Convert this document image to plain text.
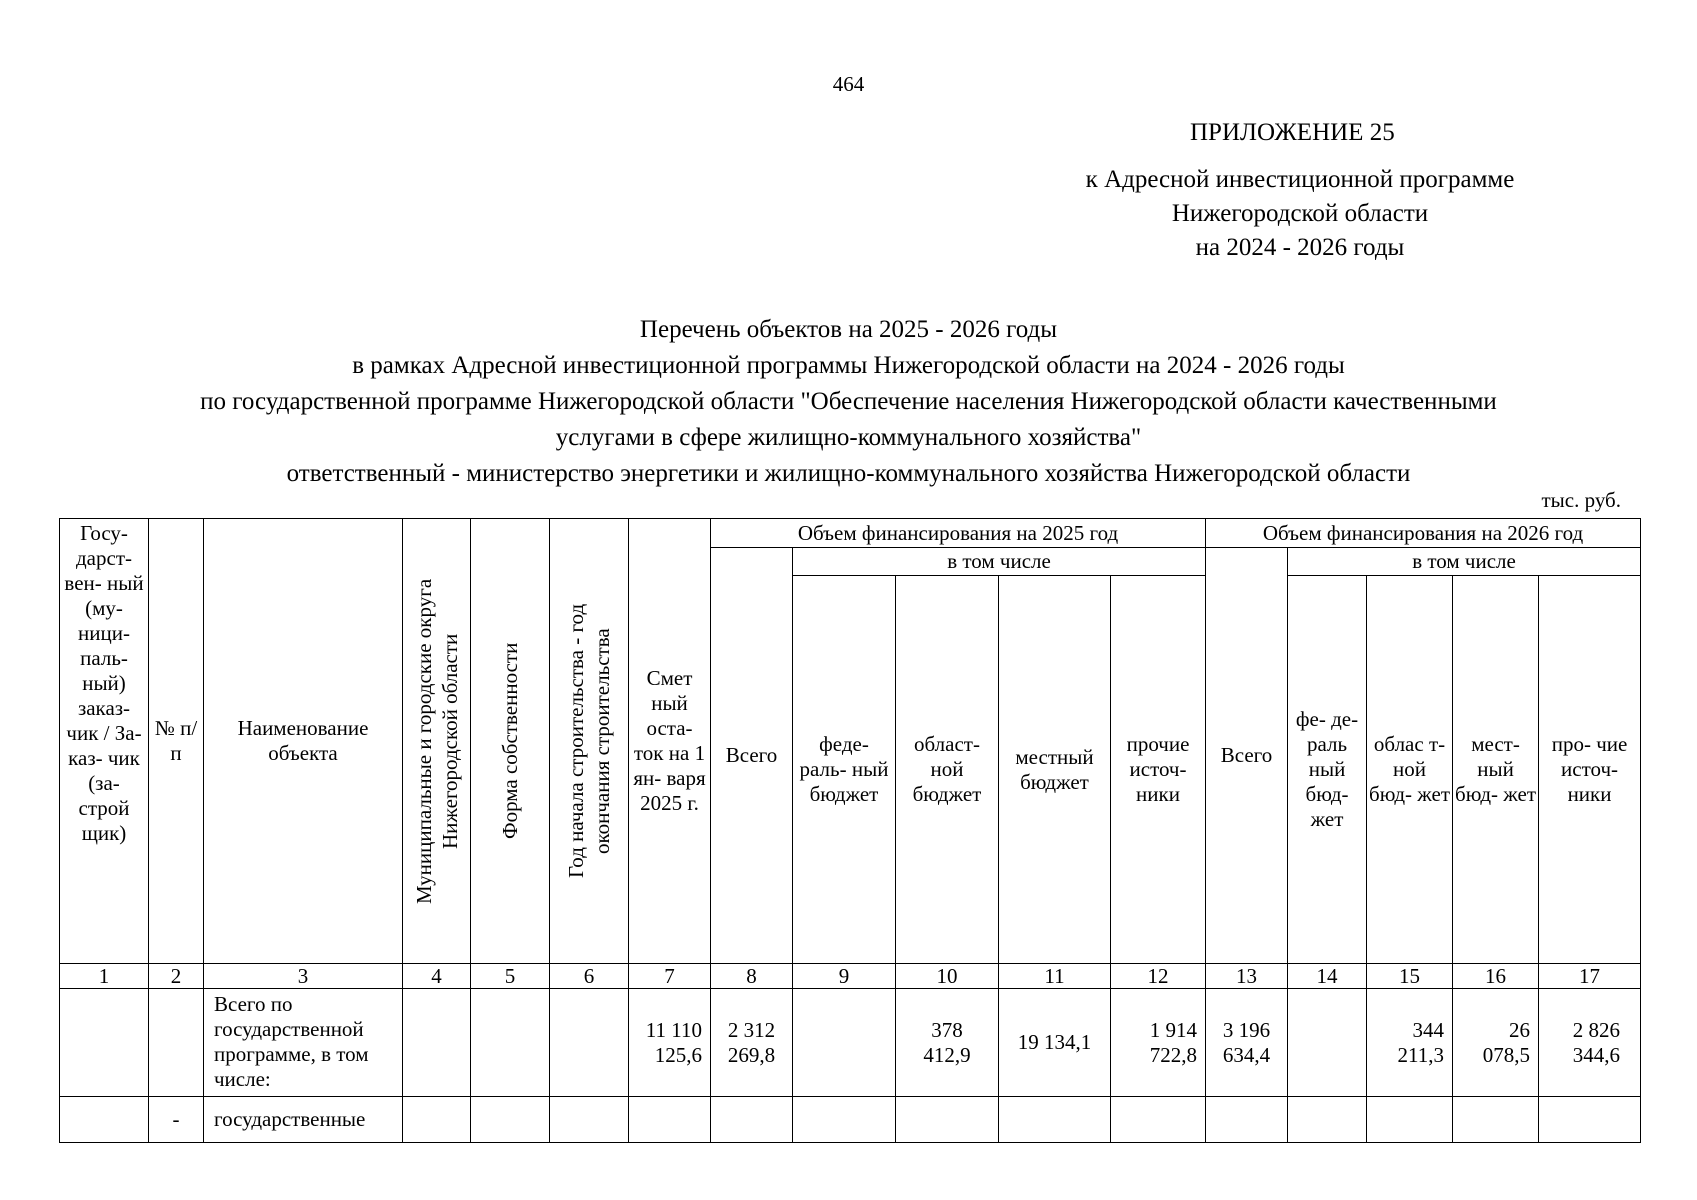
464
ПРИЛОЖЕНИЕ 25
к Адресной инвестиционной программе
Нижегородской области
на 2024 - 2026 годы
Перечень объектов на 2025 - 2026 годы
в рамках Адресной инвестиционной программы Нижегородской области на 2024 - 2026 годы
по государственной программе Нижегородской области "Обеспечение населения Нижегородской области качественными
услугами в сфере жилищно-коммунального хозяйства"
ответственный - министерство энергетики и жилищно-коммунального хозяйства Нижегородской области
тыс. руб.
Госу- дарст- вен- ный (му- ници- паль- ный) заказ- чик / За- каз- чик (за- строй щик)	№ п/п	Наименование объекта	Муниципальные и городские округа Нижегородской области	Форма собственности	Год начала строительства - год окончания строительства	Смет ный оста- ток на 1 ян- варя 2025 г.	Объем финансирования на 2025 год					Объем финансирования на 2026 год				
							Всего	в том числе				Всего	в том числе			
								феде- раль- ный бюджет	област- ной бюджет	местный бюджет	прочие источ- ники		фе- де- раль ный бюд- жет	облас т-ной бюд- жет	мест- ный бюд- жет	про- чие источ- ники
1	2	3	4	5	6	7	8	9	10	11	12	13	14	15	16	17
		Всего по государственной программе, в том числе:				11 110 125,6	2 312 269,8		378 412,9	19 134,1	1 914 722,8	3 196 634,4		344 211,3	26 078,5	2 826 344,6
	-	государственные														
